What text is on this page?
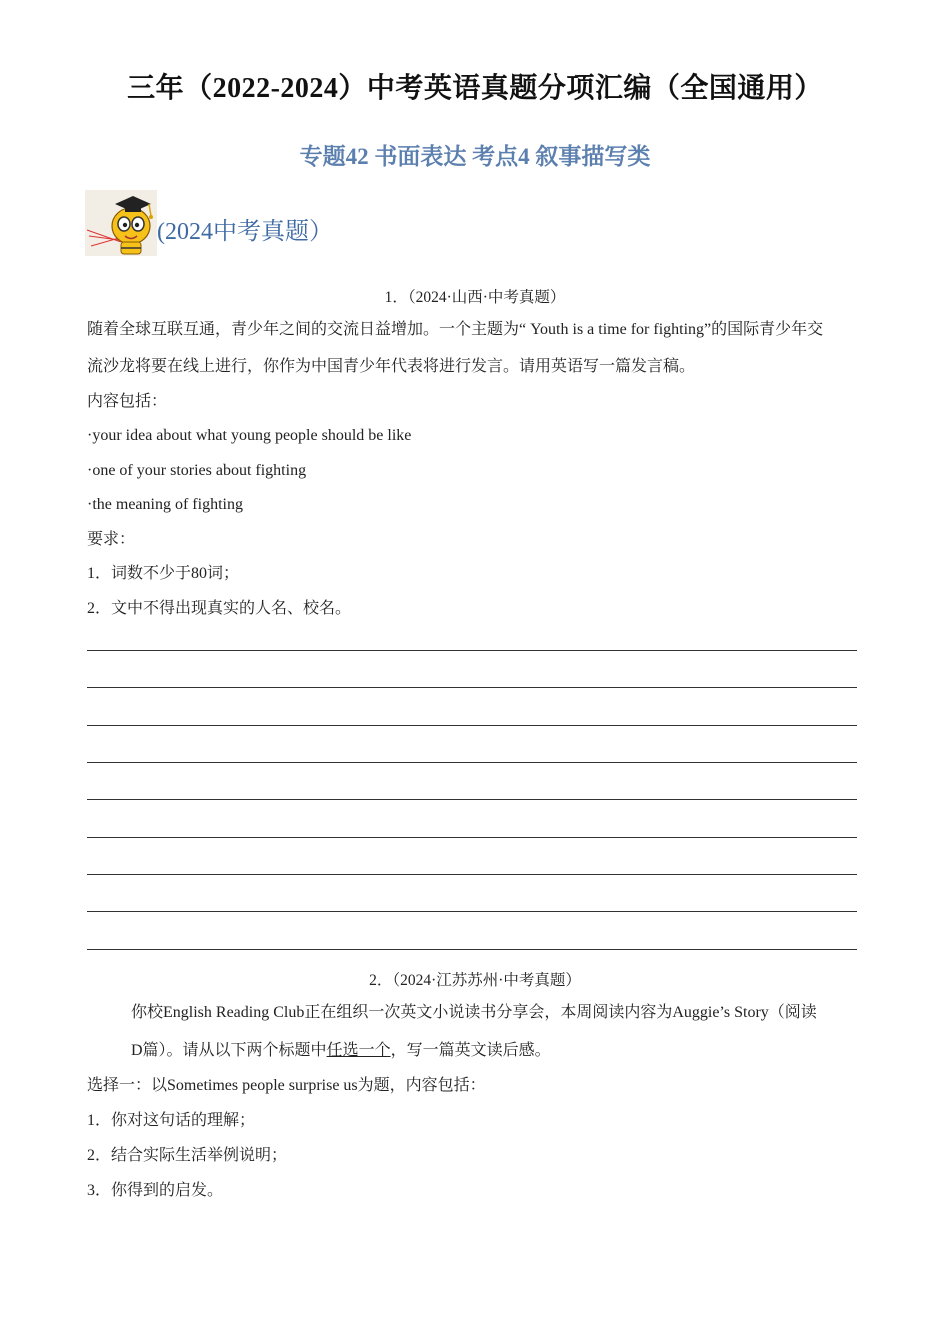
三年（2022-2024）中考英语真题分项汇编（全国通用）
专题42 书面表达 考点4 叙事描写类
(2024中考真题）
1．（2024·山西·中考真题）
随着全球互联互通，青少年之间的交流日益增加。一个主题为“ Youth is a time for fighting”的国际青少年交
流沙龙将要在线上进行，你作为中国青少年代表将进行发言。请用英语写一篇发言稿。
内容包括：
·your idea about what young people should be like
·one of your stories about fighting
·the meaning of fighting
要求：
1．词数不少于80词；
2．文中不得出现真实的人名、校名。
2．（2024·江苏苏州·中考真题）
你校English Reading Club正在组织一次英文小说读书分享会，本周阅读内容为Auggie’s Story（阅读
D篇）。请从以下两个标题中任选一个，写一篇英文读后感。
选择一：以Sometimes people surprise us为题，内容包括：
1．你对这句话的理解；
2．结合实际生活举例说明；
3．你得到的启发。
